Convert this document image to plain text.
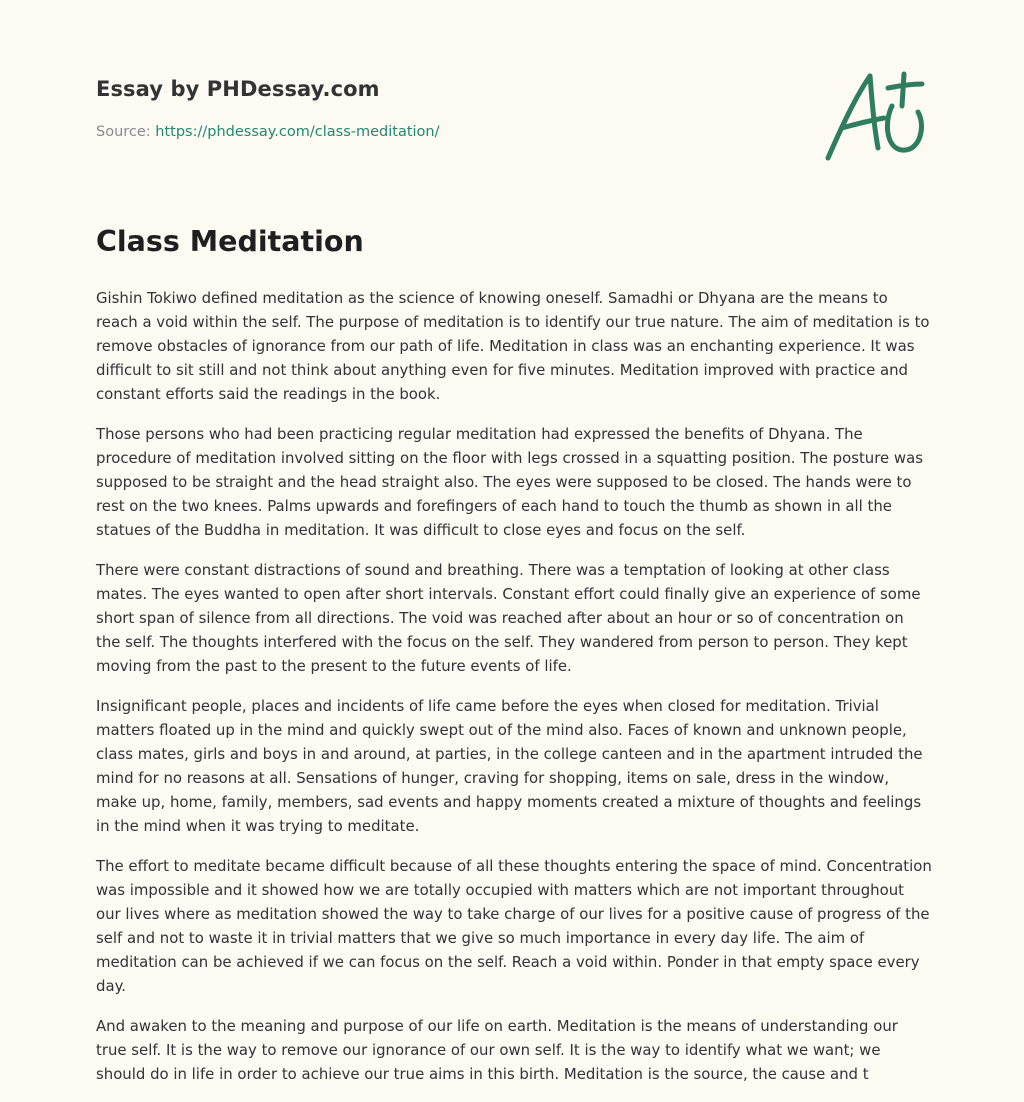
Essay by PHDessay.com

Source: https://phdessay.com/class-meditation/

Class Meditation

Gishin Tokiwo defined meditation as the science of knowing oneself. Samadhi or Dhyana are the means to reach a void within the self. The purpose of meditation is to identify our true nature. The aim of meditation is to remove obstacles of ignorance from our path of life. Meditation in class was an enchanting experience. It was difficult to sit still and not think about anything even for five minutes. Meditation improved with practice and constant efforts said the readings in the book.

Those persons who had been practicing regular meditation had expressed the benefits of Dhyana. The procedure of meditation involved sitting on the floor with legs crossed in a squatting position. The posture was supposed to be straight and the head straight also. The eyes were supposed to be closed. The hands were to rest on the two knees. Palms upwards and forefingers of each hand to touch the thumb as shown in all the statues of the Buddha in meditation. It was difficult to close eyes and focus on the self.

There were constant distractions of sound and breathing. There was a temptation of looking at other class mates. The eyes wanted to open after short intervals. Constant effort could finally give an experience of some short span of silence from all directions. The void was reached after about an hour or so of concentration on the self. The thoughts interfered with the focus on the self. They wandered from person to person. They kept moving from the past to the present to the future events of life.

Insignificant people, places and incidents of life came before the eyes when closed for meditation. Trivial matters floated up in the mind and quickly swept out of the mind also. Faces of known and unknown people, class mates, girls and boys in and around, at parties, in the college canteen and in the apartment intruded the mind for no reasons at all. Sensations of hunger, craving for shopping, items on sale, dress in the window, make up, home, family, members, sad events and happy moments created a mixture of thoughts and feelings in the mind when it was trying to meditate.

The effort to meditate became difficult because of all these thoughts entering the space of mind. Concentration was impossible and it showed how we are totally occupied with matters which are not important throughout our lives where as meditation showed the way to take charge of our lives for a positive cause of progress of the self and not to waste it in trivial matters that we give so much importance in every day life. The aim of meditation can be achieved if we can focus on the self. Reach a void within. Ponder in that empty space every day.

And awaken to the meaning and purpose of our life on earth. Meditation is the means of understanding our true self. It is the way to remove our ignorance of our own self. It is the way to identify what we want; we should do in life in order to achieve our true aims in this birth. Meditation is the source, the cause and t
